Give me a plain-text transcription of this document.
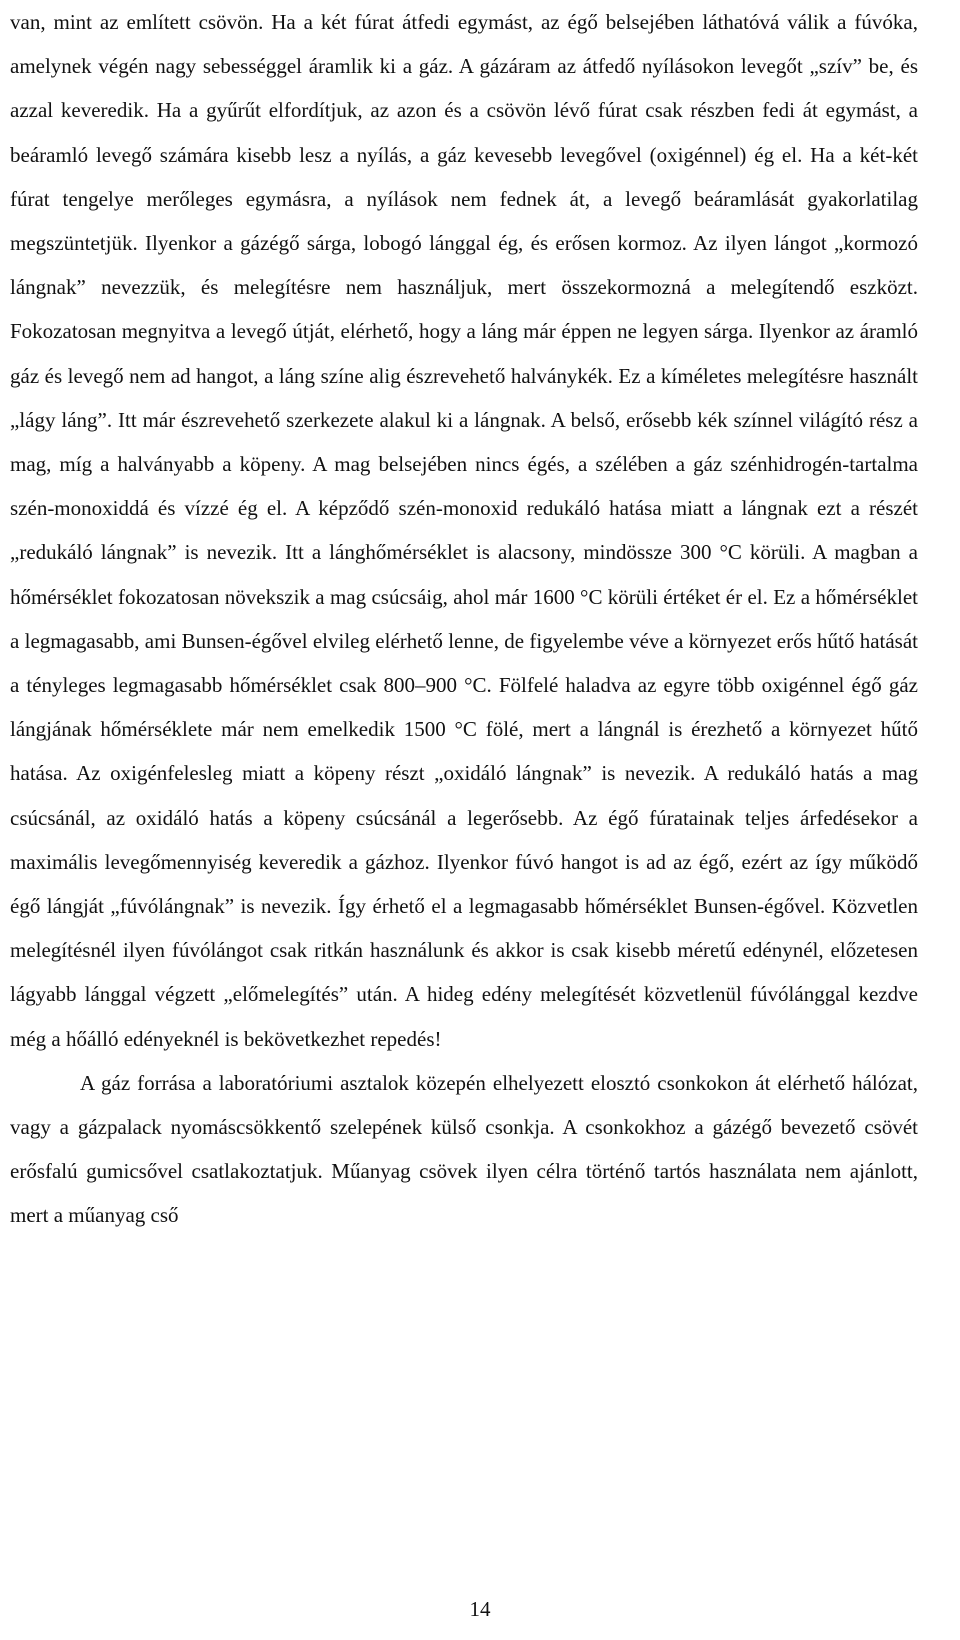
van, mint az említett csövön. Ha a két fúrat átfedi egymást, az égő belsejében láthatóvá válik a fúvóka, amelynek végén nagy sebességgel áramlik ki a gáz. A gázáram az átfedő nyílásokon levegőt „szív” be, és azzal keveredik. Ha a gyűrűt elfordítjuk, az azon és a csövön lévő fúrat csak részben fedi át egymást, a beáramló levegő számára kisebb lesz a nyílás, a gáz kevesebb levegővel (oxigénnel) ég el. Ha a két-két fúrat tengelye merőleges egymásra, a nyílások nem fednek át, a levegő beáramlását gyakorlatilag megszüntetjük. Ilyenkor a gázégő sárga, lobogó lánggal ég, és erősen kormoz. Az ilyen lángot „kormozó lángnak” nevezzük, és melegítésre nem használjuk, mert összekormozná a melegítendő eszközt. Fokozatosan megnyitva a levegő útját, elérhető, hogy a láng már éppen ne legyen sárga. Ilyenkor az áramló gáz és levegő nem ad hangot, a láng színe alig észrevehető halványkék. Ez a kíméletes melegítésre használt „lágy láng”. Itt már észrevehető szerkezete alakul ki a lángnak. A belső, erősebb kék színnel világító rész a mag, míg a halványabb a köpeny. A mag belsejében nincs égés, a szélében a gáz szénhidrogén-tartalma szén-monoxiddá és vízzé ég el. A képződő szén-monoxid redukáló hatása miatt a lángnak ezt a részét „redukáló lángnak” is nevezik. Itt a lánghőmérséklet is alacsony, mindössze 300 °C körüli. A magban a hőmérséklet fokozatosan növekszik a mag csúcsáig, ahol már 1600 °C körüli értéket ér el. Ez a hőmérséklet a legmagasabb, ami Bunsen-égővel elvileg elérhető lenne, de figyelembe véve a környezet erős hűtő hatását a tényleges legmagasabb hőmérséklet csak 800–900 °C. Fölfelé haladva az egyre több oxigénnel égő gáz lángjának hőmérséklete már nem emelkedik 1500 °C fölé, mert a lángnál is érezhető a környezet hűtő hatása. Az oxigénfelesleg miatt a köpeny részt „oxidáló lángnak” is nevezik. A redukáló hatás a mag csúcsánál, az oxidáló hatás a köpeny csúcsánál a legerősebb. Az égő fúratainak teljes árfedésekor a maximális levegőmennyiség keveredik a gázhoz. Ilyenkor fúvó hangot is ad az égő, ezért az így működő égő lángját „fúvólángnak” is nevezik. Így érhető el a legmagasabb hőmérséklet Bunsen-égővel. Közvetlen melegítésnél ilyen fúvólángot csak ritkán használunk és akkor is csak kisebb méretű edénynél, előzetesen lágyabb lánggal végzett „előmelegítés” után. A hideg edény melegítését közvetlenül fúvólánggal kezdve még a hőálló edényeknél is bekövetkezhet repedés!

A gáz forrása a laboratóriumi asztalok közepén elhelyezett elosztó csonkokon át elérhető hálózat, vagy a gázpalack nyomáscsökkentő szelepének külső csonkja. A csonkokhoz a gázégő bevezető csövét erősfalú gumicsővel csatlakoztatjuk. Műanyag csövek ilyen célra történő tartós használata nem ajánlott, mert a műanyag cső

14
